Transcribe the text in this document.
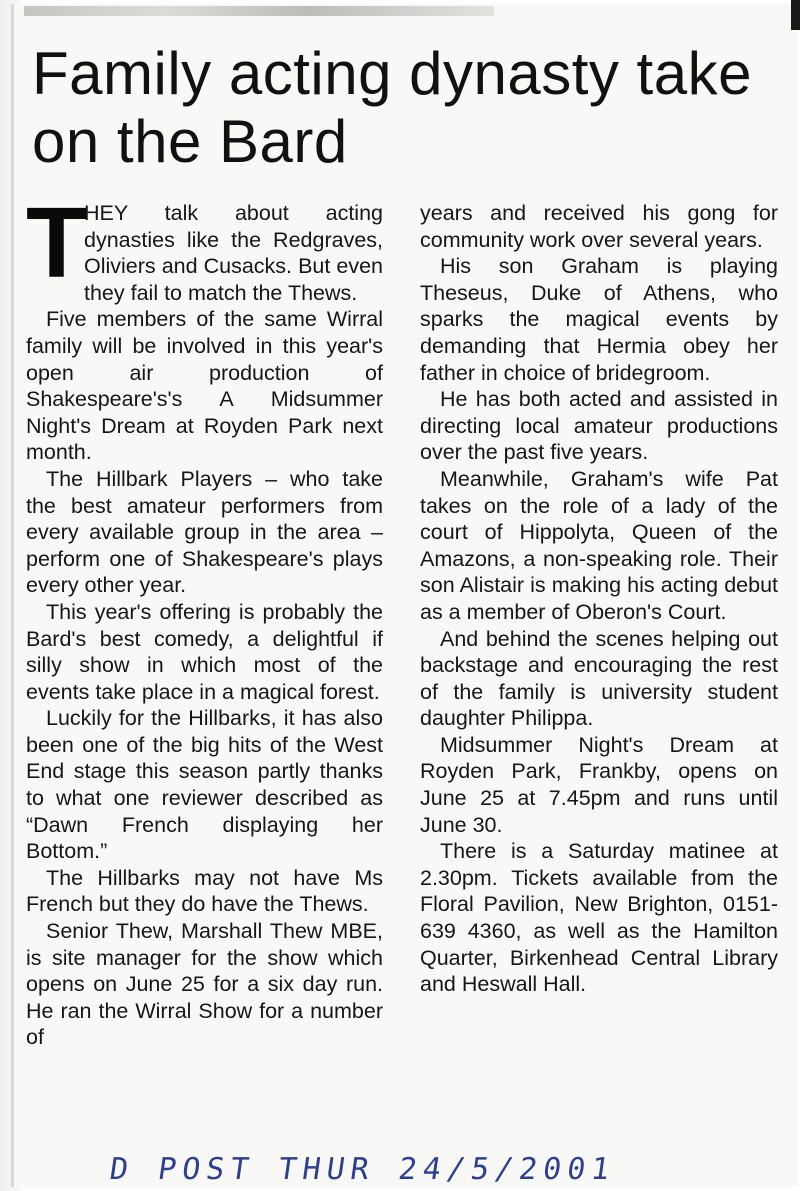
Family acting dynasty take on the Bard

T
HEY talk about acting dynasties like the Redgraves, Oliviers and Cusacks. But even they fail to match the Thews.

Five members of the same Wirral family will be involved in this year's open air production of Shakespeare's's A Midsummer Night's Dream at Royden Park next month.

The Hillbark Players – who take the best amateur performers from every available group in the area – perform one of Shakespeare's plays every other year.

This year's offering is probably the Bard's best comedy, a delightful if silly show in which most of the events take place in a magical forest.

Luckily for the Hillbarks, it has also been one of the big hits of the West End stage this season partly thanks to what one reviewer described as “Dawn French displaying her Bottom.”

The Hillbarks may not have Ms French but they do have the Thews.

Senior Thew, Marshall Thew MBE, is site manager for the show which opens on June 25 for a six day run. He ran the Wirral Show for a number of

years and received his gong for community work over several years.

His son Graham is playing Theseus, Duke of Athens, who sparks the magical events by demanding that Hermia obey her father in choice of bridegroom.

He has both acted and assisted in directing local amateur productions over the past five years.

Meanwhile, Graham's wife Pat takes on the role of a lady of the court of Hippolyta, Queen of the Amazons, a non-speaking role. Their son Alistair is making his acting debut as a member of Oberon's Court.

And behind the scenes helping out backstage and encouraging the rest of the family is university student daughter Philippa.

Midsummer Night's Dream at Royden Park, Frankby, opens on June 25 at 7.45pm and runs until June 30.

There is a Saturday matinee at 2.30pm. Tickets available from the Floral Pavilion, New Brighton, 0151-639 4360, as well as the Hamilton Quarter, Birkenhead Central Library and Heswall Hall.

D POST THUR 24/5/2001
